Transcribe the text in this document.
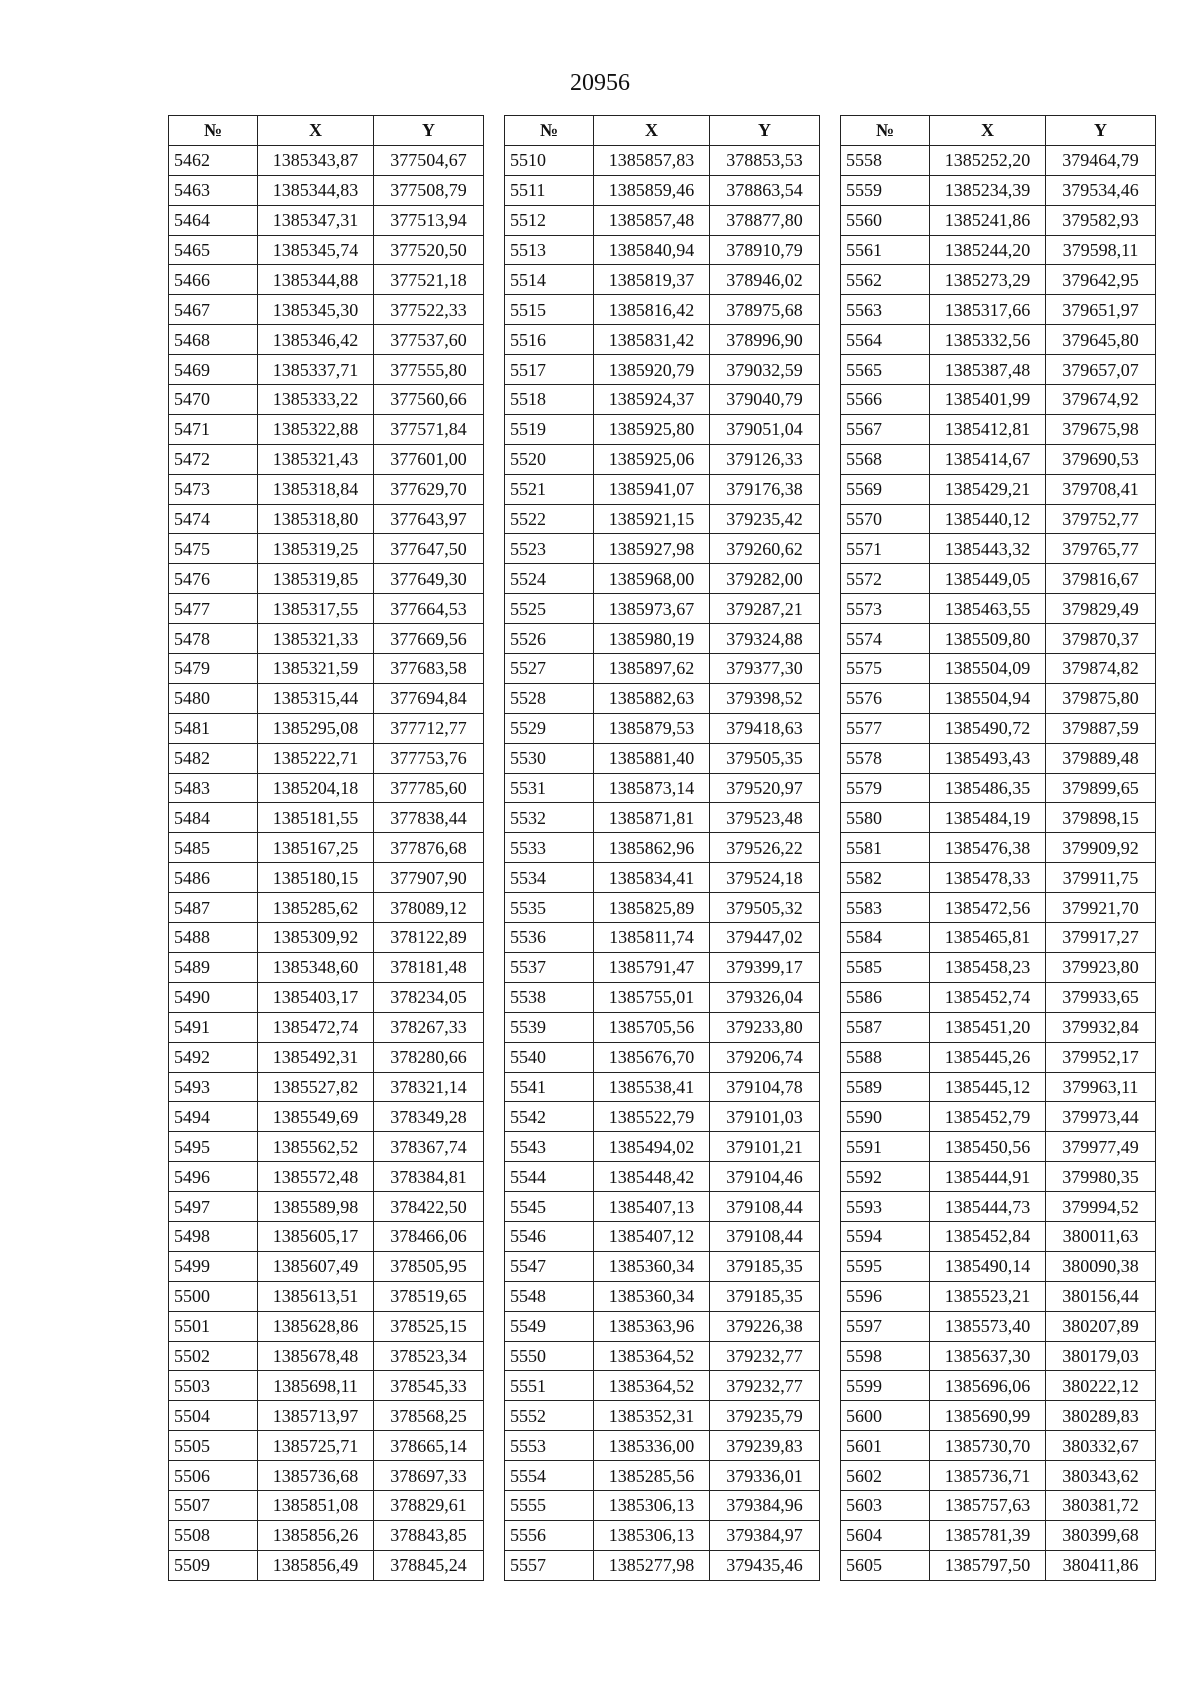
20956
№	X	Y
5462	1385343,87	377504,67
5463	1385344,83	377508,79
5464	1385347,31	377513,94
5465	1385345,74	377520,50
5466	1385344,88	377521,18
5467	1385345,30	377522,33
5468	1385346,42	377537,60
5469	1385337,71	377555,80
5470	1385333,22	377560,66
5471	1385322,88	377571,84
5472	1385321,43	377601,00
5473	1385318,84	377629,70
5474	1385318,80	377643,97
5475	1385319,25	377647,50
5476	1385319,85	377649,30
5477	1385317,55	377664,53
5478	1385321,33	377669,56
5479	1385321,59	377683,58
5480	1385315,44	377694,84
5481	1385295,08	377712,77
5482	1385222,71	377753,76
5483	1385204,18	377785,60
5484	1385181,55	377838,44
5485	1385167,25	377876,68
5486	1385180,15	377907,90
5487	1385285,62	378089,12
5488	1385309,92	378122,89
5489	1385348,60	378181,48
5490	1385403,17	378234,05
5491	1385472,74	378267,33
5492	1385492,31	378280,66
5493	1385527,82	378321,14
5494	1385549,69	378349,28
5495	1385562,52	378367,74
5496	1385572,48	378384,81
5497	1385589,98	378422,50
5498	1385605,17	378466,06
5499	1385607,49	378505,95
5500	1385613,51	378519,65
5501	1385628,86	378525,15
5502	1385678,48	378523,34
5503	1385698,11	378545,33
5504	1385713,97	378568,25
5505	1385725,71	378665,14
5506	1385736,68	378697,33
5507	1385851,08	378829,61
5508	1385856,26	378843,85
5509	1385856,49	378845,24
№	X	Y
5510	1385857,83	378853,53
5511	1385859,46	378863,54
5512	1385857,48	378877,80
5513	1385840,94	378910,79
5514	1385819,37	378946,02
5515	1385816,42	378975,68
5516	1385831,42	378996,90
5517	1385920,79	379032,59
5518	1385924,37	379040,79
5519	1385925,80	379051,04
5520	1385925,06	379126,33
5521	1385941,07	379176,38
5522	1385921,15	379235,42
5523	1385927,98	379260,62
5524	1385968,00	379282,00
5525	1385973,67	379287,21
5526	1385980,19	379324,88
5527	1385897,62	379377,30
5528	1385882,63	379398,52
5529	1385879,53	379418,63
5530	1385881,40	379505,35
5531	1385873,14	379520,97
5532	1385871,81	379523,48
5533	1385862,96	379526,22
5534	1385834,41	379524,18
5535	1385825,89	379505,32
5536	1385811,74	379447,02
5537	1385791,47	379399,17
5538	1385755,01	379326,04
5539	1385705,56	379233,80
5540	1385676,70	379206,74
5541	1385538,41	379104,78
5542	1385522,79	379101,03
5543	1385494,02	379101,21
5544	1385448,42	379104,46
5545	1385407,13	379108,44
5546	1385407,12	379108,44
5547	1385360,34	379185,35
5548	1385360,34	379185,35
5549	1385363,96	379226,38
5550	1385364,52	379232,77
5551	1385364,52	379232,77
5552	1385352,31	379235,79
5553	1385336,00	379239,83
5554	1385285,56	379336,01
5555	1385306,13	379384,96
5556	1385306,13	379384,97
5557	1385277,98	379435,46
№	X	Y
5558	1385252,20	379464,79
5559	1385234,39	379534,46
5560	1385241,86	379582,93
5561	1385244,20	379598,11
5562	1385273,29	379642,95
5563	1385317,66	379651,97
5564	1385332,56	379645,80
5565	1385387,48	379657,07
5566	1385401,99	379674,92
5567	1385412,81	379675,98
5568	1385414,67	379690,53
5569	1385429,21	379708,41
5570	1385440,12	379752,77
5571	1385443,32	379765,77
5572	1385449,05	379816,67
5573	1385463,55	379829,49
5574	1385509,80	379870,37
5575	1385504,09	379874,82
5576	1385504,94	379875,80
5577	1385490,72	379887,59
5578	1385493,43	379889,48
5579	1385486,35	379899,65
5580	1385484,19	379898,15
5581	1385476,38	379909,92
5582	1385478,33	379911,75
5583	1385472,56	379921,70
5584	1385465,81	379917,27
5585	1385458,23	379923,80
5586	1385452,74	379933,65
5587	1385451,20	379932,84
5588	1385445,26	379952,17
5589	1385445,12	379963,11
5590	1385452,79	379973,44
5591	1385450,56	379977,49
5592	1385444,91	379980,35
5593	1385444,73	379994,52
5594	1385452,84	380011,63
5595	1385490,14	380090,38
5596	1385523,21	380156,44
5597	1385573,40	380207,89
5598	1385637,30	380179,03
5599	1385696,06	380222,12
5600	1385690,99	380289,83
5601	1385730,70	380332,67
5602	1385736,71	380343,62
5603	1385757,63	380381,72
5604	1385781,39	380399,68
5605	1385797,50	380411,86
